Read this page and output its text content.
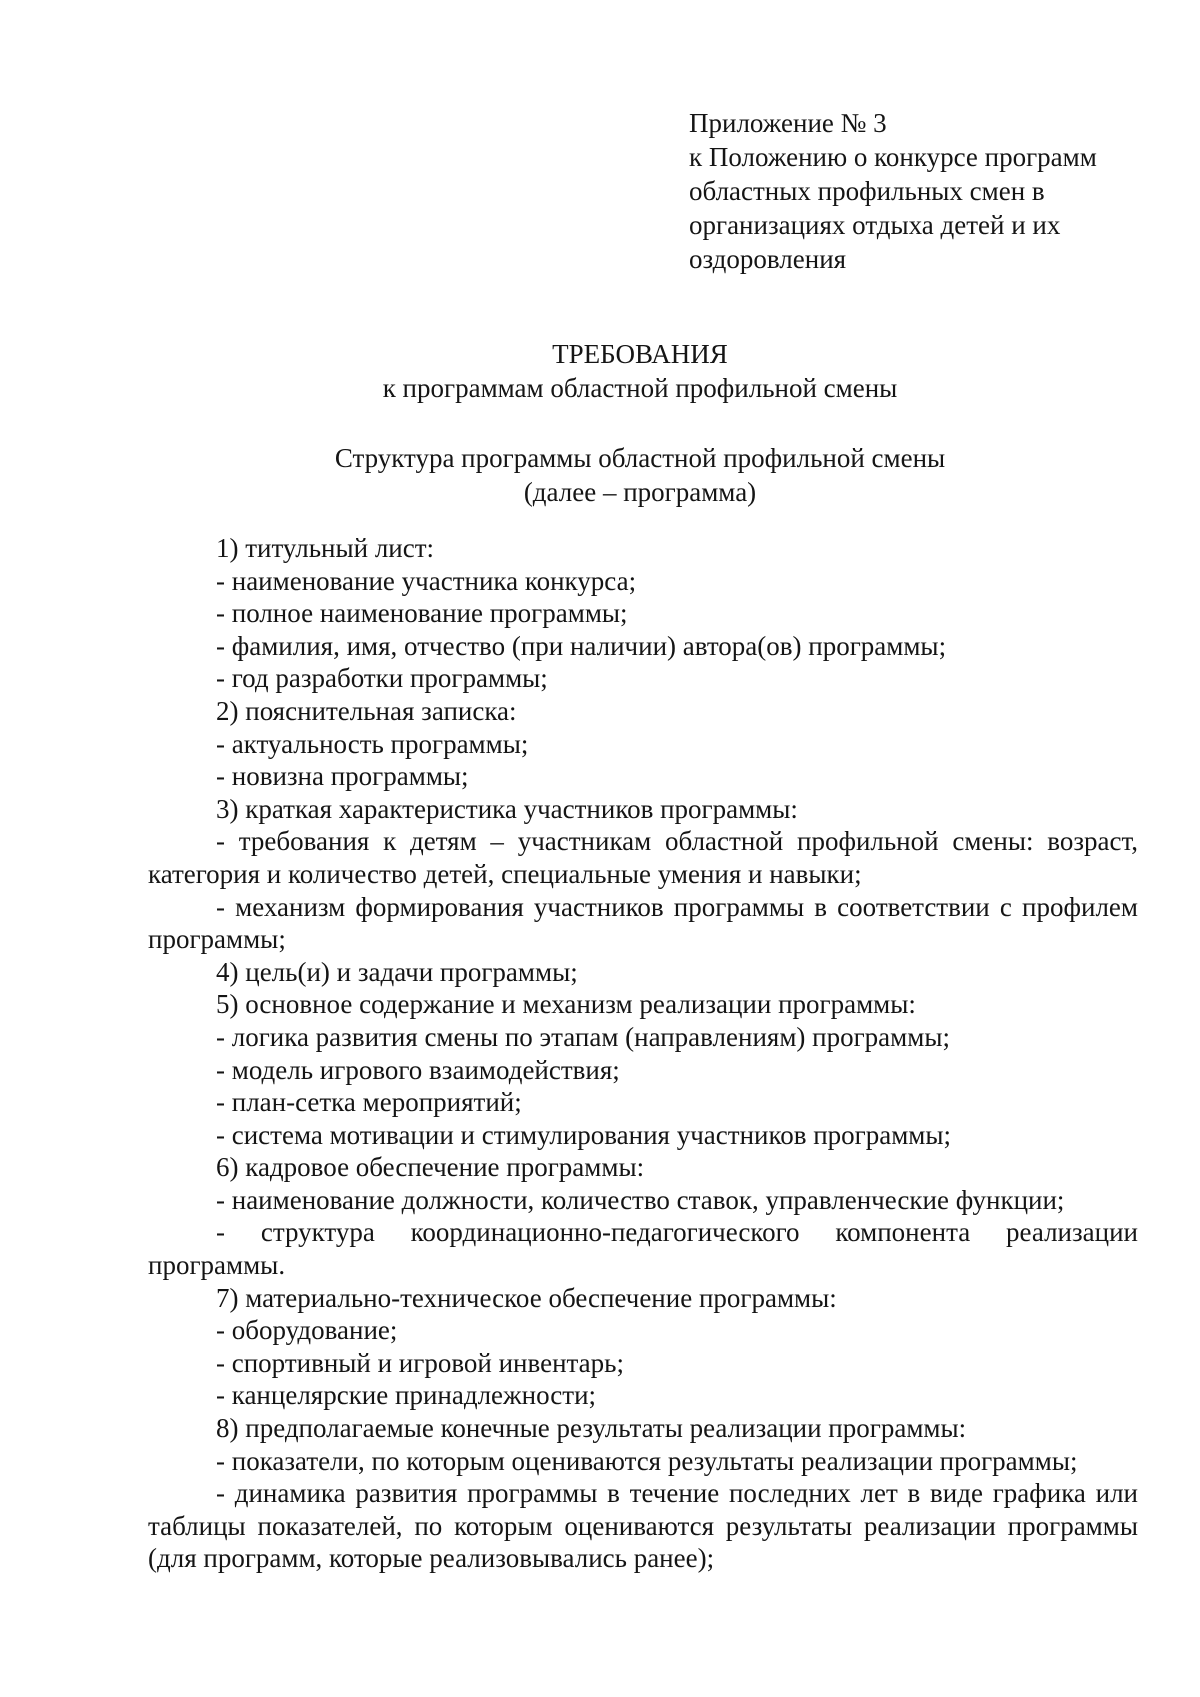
Приложение № 3
к Положению о конкурсе программ
областных профильных смен в
организациях отдыха детей и их
оздоровления
ТРЕБОВАНИЯ
к программам областной профильной смены
Структура программы областной профильной смены
(далее – программа)
1) титульный лист:
- наименование участника конкурса;
- полное наименование программы;
- фамилия, имя, отчество (при наличии) автора(ов) программы;
- год разработки программы;
2) пояснительная записка:
- актуальность программы;
- новизна программы;
3) краткая характеристика участников программы:
- требования к детям – участникам областной профильной смены: возраст, категория и количество детей, специальные умения и навыки;
- механизм формирования участников программы в соответствии с профилем программы;
4) цель(и) и задачи программы;
5) основное содержание и механизм реализации программы:
- логика развития смены по этапам (направлениям) программы;
- модель игрового взаимодействия;
- план-сетка мероприятий;
- система мотивации и стимулирования участников программы;
6) кадровое обеспечение программы:
- наименование должности, количество ставок, управленческие функции;
- структура координационно-педагогического компонента реализации программы.
7) материально-техническое обеспечение программы:
- оборудование;
- спортивный и игровой инвентарь;
- канцелярские принадлежности;
8) предполагаемые конечные результаты реализации программы:
- показатели, по которым оцениваются результаты реализации программы;
- динамика развития программы в течение последних лет в виде графика или таблицы показателей, по которым оцениваются результаты реализации программы (для программ, которые реализовывались ранее);
